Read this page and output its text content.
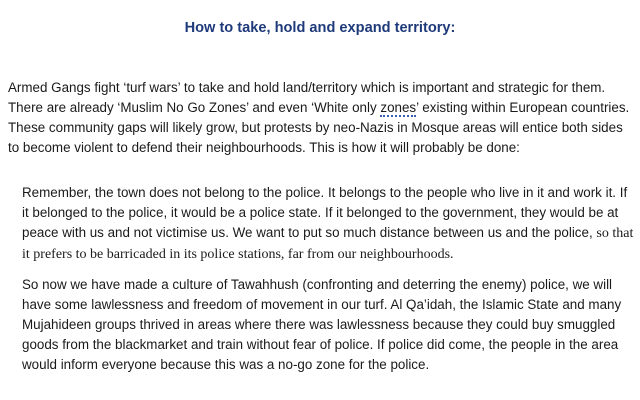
How to take, hold and expand territory:

Armed Gangs fight ‘turf wars’ to take and hold land/territory which is important and strategic for them. There are already ‘Muslim No Go Zones’ and even ‘White only zones’ existing within European countries. These community gaps will likely grow, but protests by neo-Nazis in Mosque areas will entice both sides to become violent to defend their neighbourhoods. This is how it will probably be done:

Remember, the town does not belong to the police. It belongs to the people who live in it and work it. If it belonged to the police, it would be a police state. If it belonged to the government, they would be at peace with us and not victimise us. We want to put so much distance between us and the police, so that it prefers to be barricaded in its police stations, far from our neighbourhoods.

So now we have made a culture of Tawahhush (confronting and deterring the enemy) police, we will have some lawlessness and freedom of movement in our turf. Al Qa’idah, the Islamic State and many Mujahideen groups thrived in areas where there was lawlessness because they could buy smuggled goods from the blackmarket and train without fear of police. If police did come, the people in the area would inform everyone because this was a no-go zone for the police.
